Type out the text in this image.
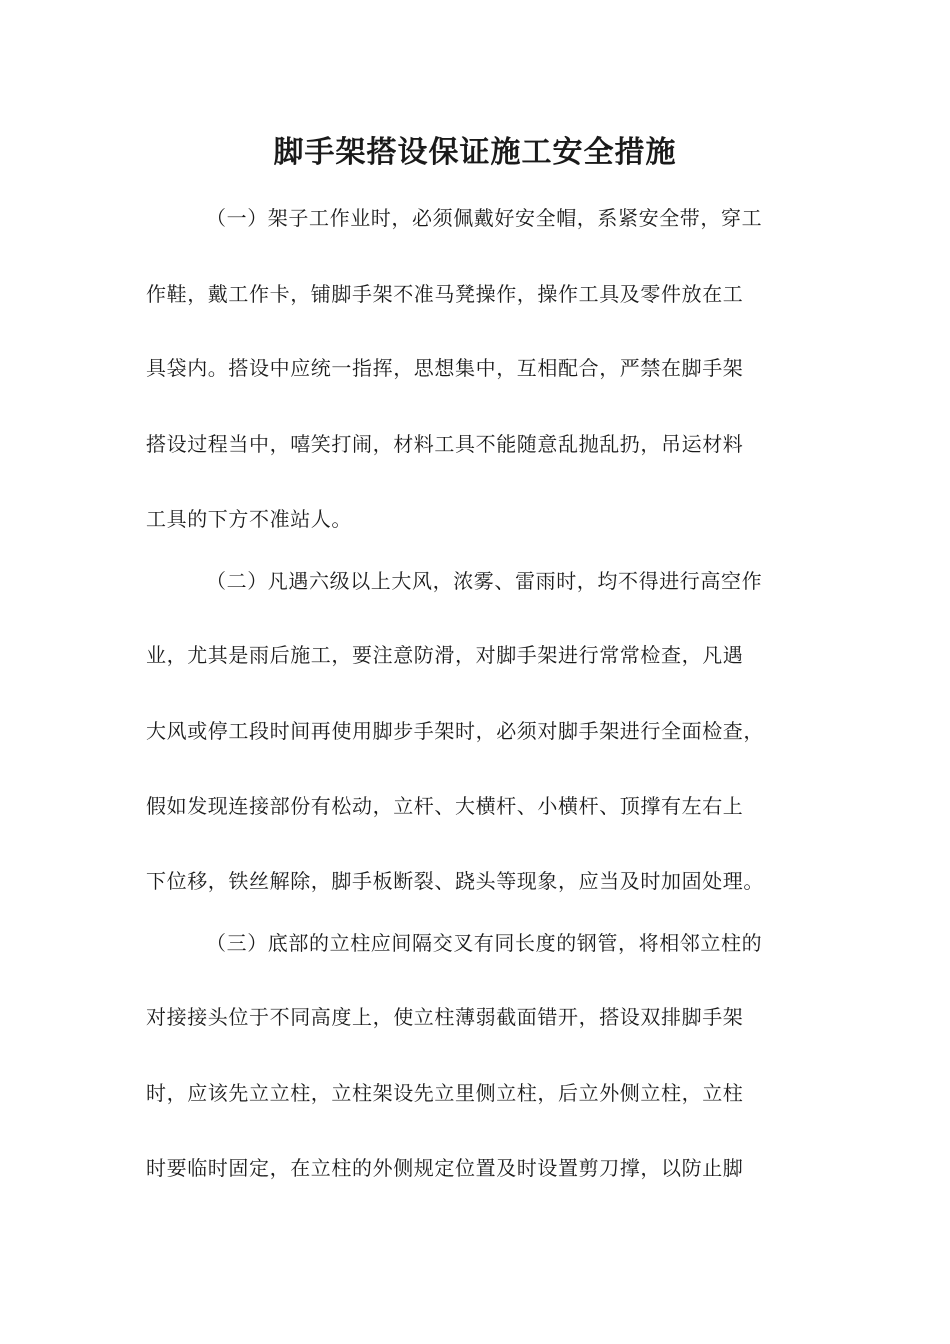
脚手架搭设保证施工安全措施

（一）架子工作业时，必须佩戴好安全帽，系紧安全带，穿工

作鞋，戴工作卡，铺脚手架不准马凳操作，操作工具及零件放在工

具袋内。搭设中应统一指挥，思想集中，互相配合，严禁在脚手架

搭设过程当中，嘻笑打闹，材料工具不能随意乱抛乱扔，吊运材料

工具的下方不准站人。

（二）凡遇六级以上大风，浓雾、雷雨时，均不得进行高空作

业，尤其是雨后施工，要注意防滑，对脚手架进行常常检查，凡遇

大风或停工段时间再使用脚步手架时，必须对脚手架进行全面检查，

假如发现连接部份有松动，立杆、大横杆、小横杆、顶撑有左右上

下位移，铁丝解除，脚手板断裂、跷头等现象，应当及时加固处理。

（三）底部的立柱应间隔交叉有同长度的钢管，将相邻立柱的

对接接头位于不同高度上，使立柱薄弱截面错开，搭设双排脚手架

时，应该先立立柱，立柱架设先立里侧立柱，后立外侧立柱，立柱

时要临时固定，在立柱的外侧规定位置及时设置剪刀撑，以防止脚
